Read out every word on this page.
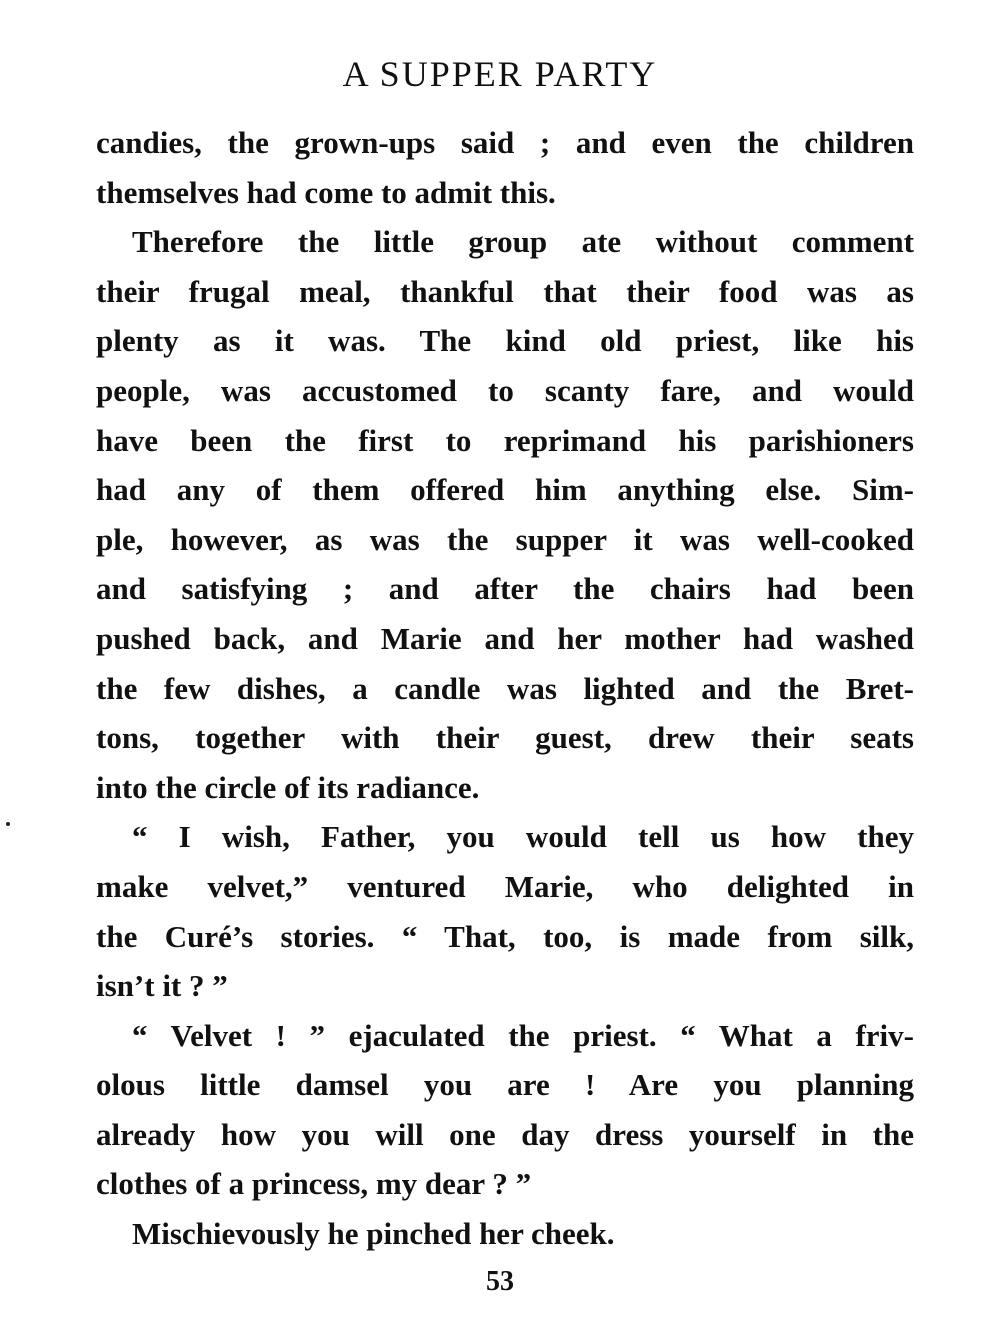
A SUPPER PARTY

candies, the grown-ups said ; and even the children
themselves had come to admit this.

Therefore the little group ate without comment
their frugal meal, thankful that their food was as
plenty as it was. The kind old priest, like his
people, was accustomed to scanty fare, and would
have been the first to reprimand his parishioners
had any of them offered him anything else. Sim-
ple, however, as was the supper it was well-cooked
and satisfying ; and after the chairs had been
pushed back, and Marie and her mother had washed
the few dishes, a candle was lighted and the Bret-
tons, together with their guest, drew their seats
into the circle of its radiance.

“ I wish, Father, you would tell us how they
make velvet,” ventured Marie, who delighted in
the Curé’s stories. “ That, too, is made from silk,
isn’t it ? ”

“ Velvet ! ” ejaculated the priest. “ What a friv-
olous little damsel you are ! Are you planning
already how you will one day dress yourself in the
clothes of a princess, my dear ? ”

Mischievously he pinched her cheek.

53
